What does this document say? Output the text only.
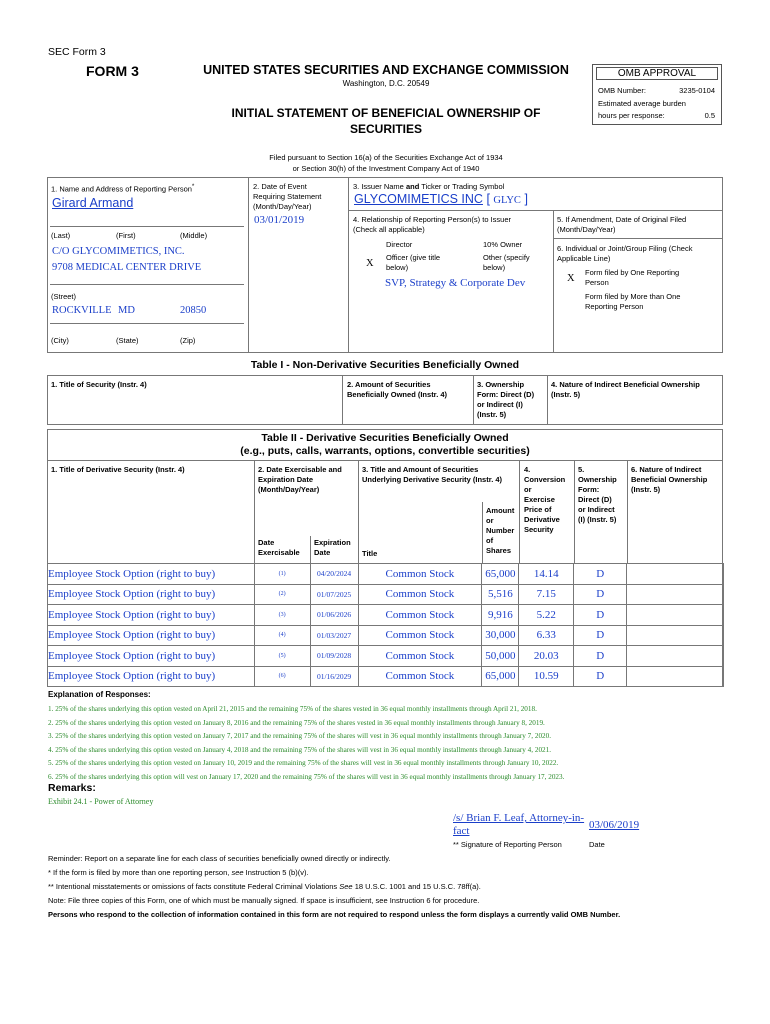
SEC Form 3
FORM 3	UNITED STATES SECURITIES AND EXCHANGE COMMISSION
Washington, D.C. 20549
INITIAL STATEMENT OF BENEFICIAL OWNERSHIP OF
SECURITIES
OMB APPROVAL
OMB Number:	3235-0104
Estimated average burden
hours per response:	0.5
Filed pursuant to Section 16(a) of the Securities Exchange Act of 1934
or Section 30(h) of the Investment Company Act of 1940
1. Name and Address of Reporting Person*
Girard Armand
(Last)	(First)	(Middle)
C/O GLYCOMIMETICS, INC.
9708 MEDICAL CENTER DRIVE
(Street)
ROCKVILLE MD	20850
(City)	(State)	(Zip)
2. Date of Event
Requiring Statement
(Month/Day/Year)
03/01/2019
3. Issuer Name and Ticker or Trading Symbol
GLYCOMIMETICS INC [ GLYC ]
4. Relationship of Reporting Person(s) to Issuer
(Check all applicable)
Director	10% Owner
X
Officer (give title
below)
Other (specify
below)
SVP, Strategy & Corporate Dev
5. If Amendment, Date of Original Filed
(Month/Day/Year)
6. Individual or Joint/Group Filing (Check
Applicable Line)
X
Form filed by One Reporting
Person
Form filed by More than One
Reporting Person
Table I - Non-Derivative Securities Beneficially Owned
1. Title of Security (Instr. 4)	2. Amount of Securities
Beneficially Owned (Instr. 4)
3. Ownership
Form: Direct (D)
or Indirect (I)
(Instr. 5)
4. Nature of Indirect Beneficial Ownership
(Instr. 5)
Table II - Derivative Securities Beneficially Owned
(e.g., puts, calls, warrants, options, convertible securities)
1. Title of Derivative Security (Instr. 4)	2. Date Exercisable and
Expiration Date
(Month/Day/Year)
3. Title and Amount of Securities
Underlying Derivative Security (Instr. 4)
4.
Conversion
or
Exercise
Price of
Derivative
Security
5.
Ownership
Form:
Direct (D)
or Indirect
(I) (Instr. 5)
6. Nature of Indirect
Beneficial Ownership
(Instr. 5)
Date
Exercisable
Expiration
Date	Title
Amount
or
Number
of
Shares
Employee Stock Option (right to buy)	(1)	04/20/2024	Common Stock	65,000	14.14	D	
Employee Stock Option (right to buy)	(2)	01/07/2025	Common Stock	5,516	7.15	D	
Employee Stock Option (right to buy)	(3)	01/06/2026	Common Stock	9,916	5.22	D	
Employee Stock Option (right to buy)	(4)	01/03/2027	Common Stock	30,000	6.33	D	
Employee Stock Option (right to buy)	(5)	01/09/2028	Common Stock	50,000	20.03	D	
Employee Stock Option (right to buy)	(6)	01/16/2029	Common Stock	65,000	10.59	D	
Explanation of Responses:
1. 25% of the shares underlying this option vested on April 21, 2015 and the remaining 75% of the shares vested in 36 equal monthly installments through April 21, 2018.
2. 25% of the shares underlying this option vested on January 8, 2016 and the remaining 75% of the shares vested in 36 equal monthly installments through January 8, 2019.
3. 25% of the shares underlying this option vested on January 7, 2017 and the remaining 75% of the shares will vest in 36 equal monthly installments through January 7, 2020.
4. 25% of the shares underlying this option vested on January 4, 2018 and the remaining 75% of the shares will vest in 36 equal monthly installments through January 4, 2021.
5. 25% of the shares underlying this option vested on January 10, 2019 and the remaining 75% of the shares will vest in 36 equal monthly installments through January 10, 2022.
6. 25% of the shares underlying this option will vest on January 17, 2020 and the remaining 75% of the shares will vest in 36 equal monthly installments through January 17, 2023.
Remarks:
Exhibit 24.1 - Power of Attorney
/s/ Brian F. Leaf, Attorney-in-
fact	03/06/2019
** Signature of Reporting Person	Date
Reminder: Report on a separate line for each class of securities beneficially owned directly or indirectly.
* If the form is filed by more than one reporting person, see Instruction 5 (b)(v).
** Intentional misstatements or omissions of facts constitute Federal Criminal Violations See 18 U.S.C. 1001 and 15 U.S.C. 78ff(a).
Note: File three copies of this Form, one of which must be manually signed. If space is insufficient, see Instruction 6 for procedure.
Persons who respond to the collection of information contained in this form are not required to respond unless the form displays a currently valid OMB Number.
